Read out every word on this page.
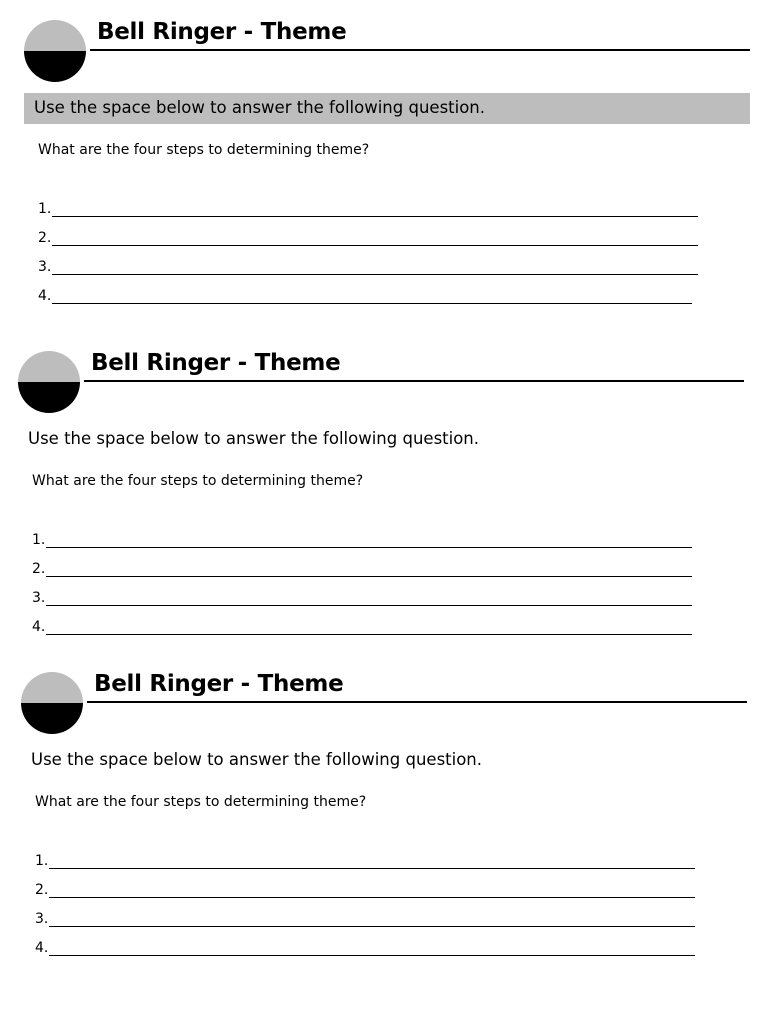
Bell Ringer - Theme
Use the space below to answer the following question.

What are the four steps to determining theme?

1.
2.
3.
4.
Bell Ringer - Theme
Use the space below to answer the following question.

What are the four steps to determining theme?

1.
2.
3.
4.
Bell Ringer - Theme
Use the space below to answer the following question.

What are the four steps to determining theme?

1.
2.
3.
4.
